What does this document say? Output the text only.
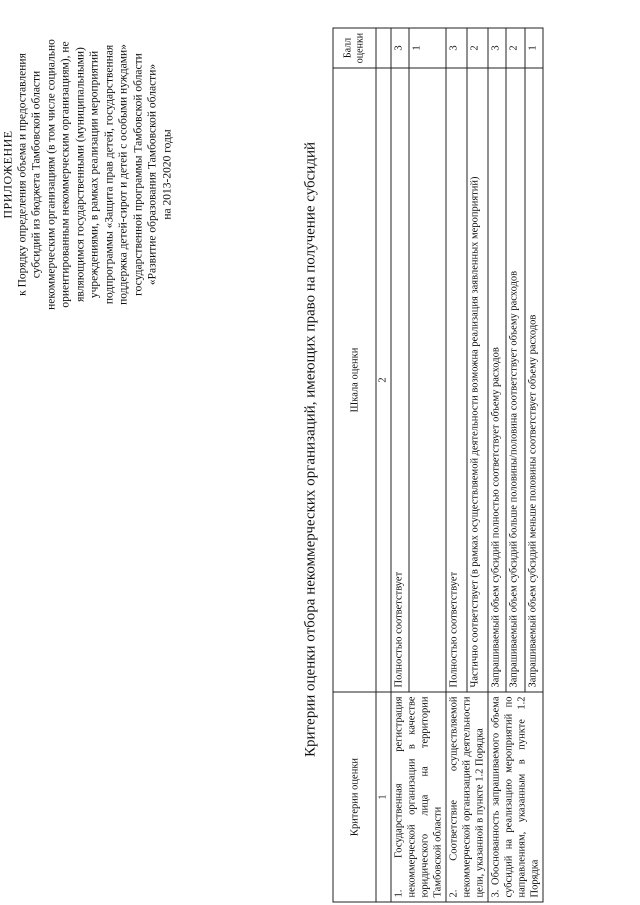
ПРИЛОЖЕНИЕ к Порядку определения объема и предоставления субсидий из бюджета Тамбовской области некоммерческим организациям (в том числе социально ориентированным некоммерческим организациям), не являющимся государственными (муниципальными) учреждениями, в рамках реализации мероприятий подпрограммы «Защита прав детей, государственная поддержка детей-сирот и детей с особыми нуждами» государственной программы Тамбовской области «Развитие образования Тамбовской области» на 2013-2020 годы	Критерии оценки отбора некоммерческих организаций, имеющих право на получение субсидий
Критерии оценки	Шкала оценки	Балл оценки
1	2	
1. Государственная регистрация некоммерческой организации в качестве юридического лица на территории Тамбовской области	Полностью соответствует	3
		1
2. Соответствие осуществляемой некоммерческой организацией деятельности цели, указанной в пункте 1.2 Порядка	Полностью соответствует	3
	Частично соответствует (в рамках осуществляемой деятельности возможна реализация заявленных мероприятий)	2
3. Обоснованность запрашиваемого объема субсидий на реализацию мероприятий по направлениям, указанным в пункте 1.2 Порядка	Запрашиваемый объем субсидий полностью соответствует объему расходов	3
	Запрашиваемый объем субсидий больше половины/половина соответствует объему расходов	2
	Запрашиваемый объем субсидий меньше половины соответствует объему расходов	1
